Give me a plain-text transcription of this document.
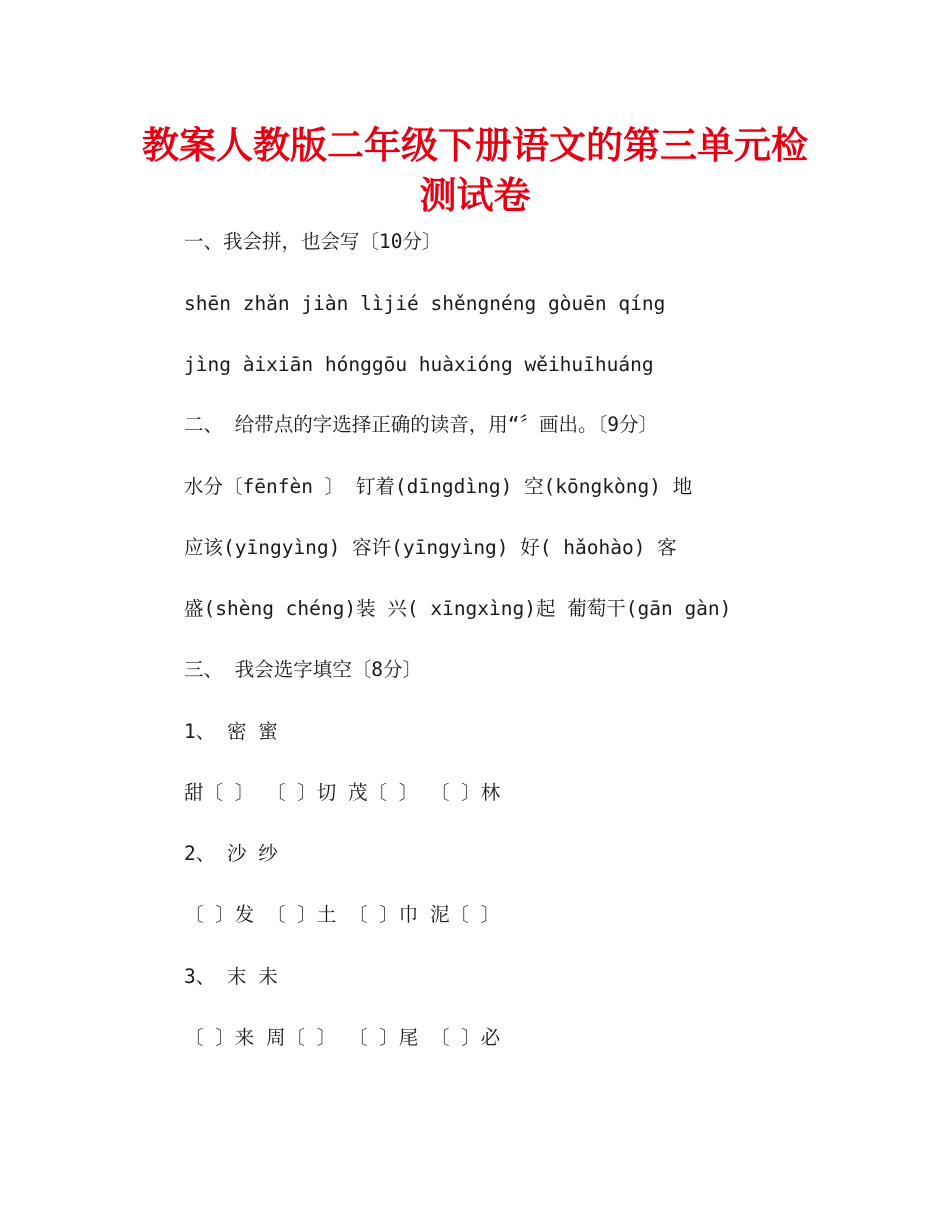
教案人教版二年级下册语文的第三单元检
测试卷

一、我会拼，也会写〔10分〕

shēn zhǎn jiàn lìjié shěngnéng gòuēn qíng

jìng àixiān hónggōu huàxióng wěihuīhuáng

二、 给带点的字选择正确的读音，用“〞画出。〔9分〕

水分〔fēnfèn 〕 钉着(dīngdìng) 空(kōngkòng) 地

应该(yīngyìng) 容许(yīngyìng) 好( hǎohào) 客

盛(shèng chéng)装 兴( xīngxìng)起 葡萄干(gān gàn)

三、 我会选字填空〔8分〕

1、 密 蜜

甜〔 〕 〔 〕切 茂〔 〕 〔 〕林

2、 沙 纱

〔 〕发 〔 〕土 〔 〕巾 泥〔 〕

3、 末 未

〔 〕来 周〔 〕 〔 〕尾 〔 〕必
